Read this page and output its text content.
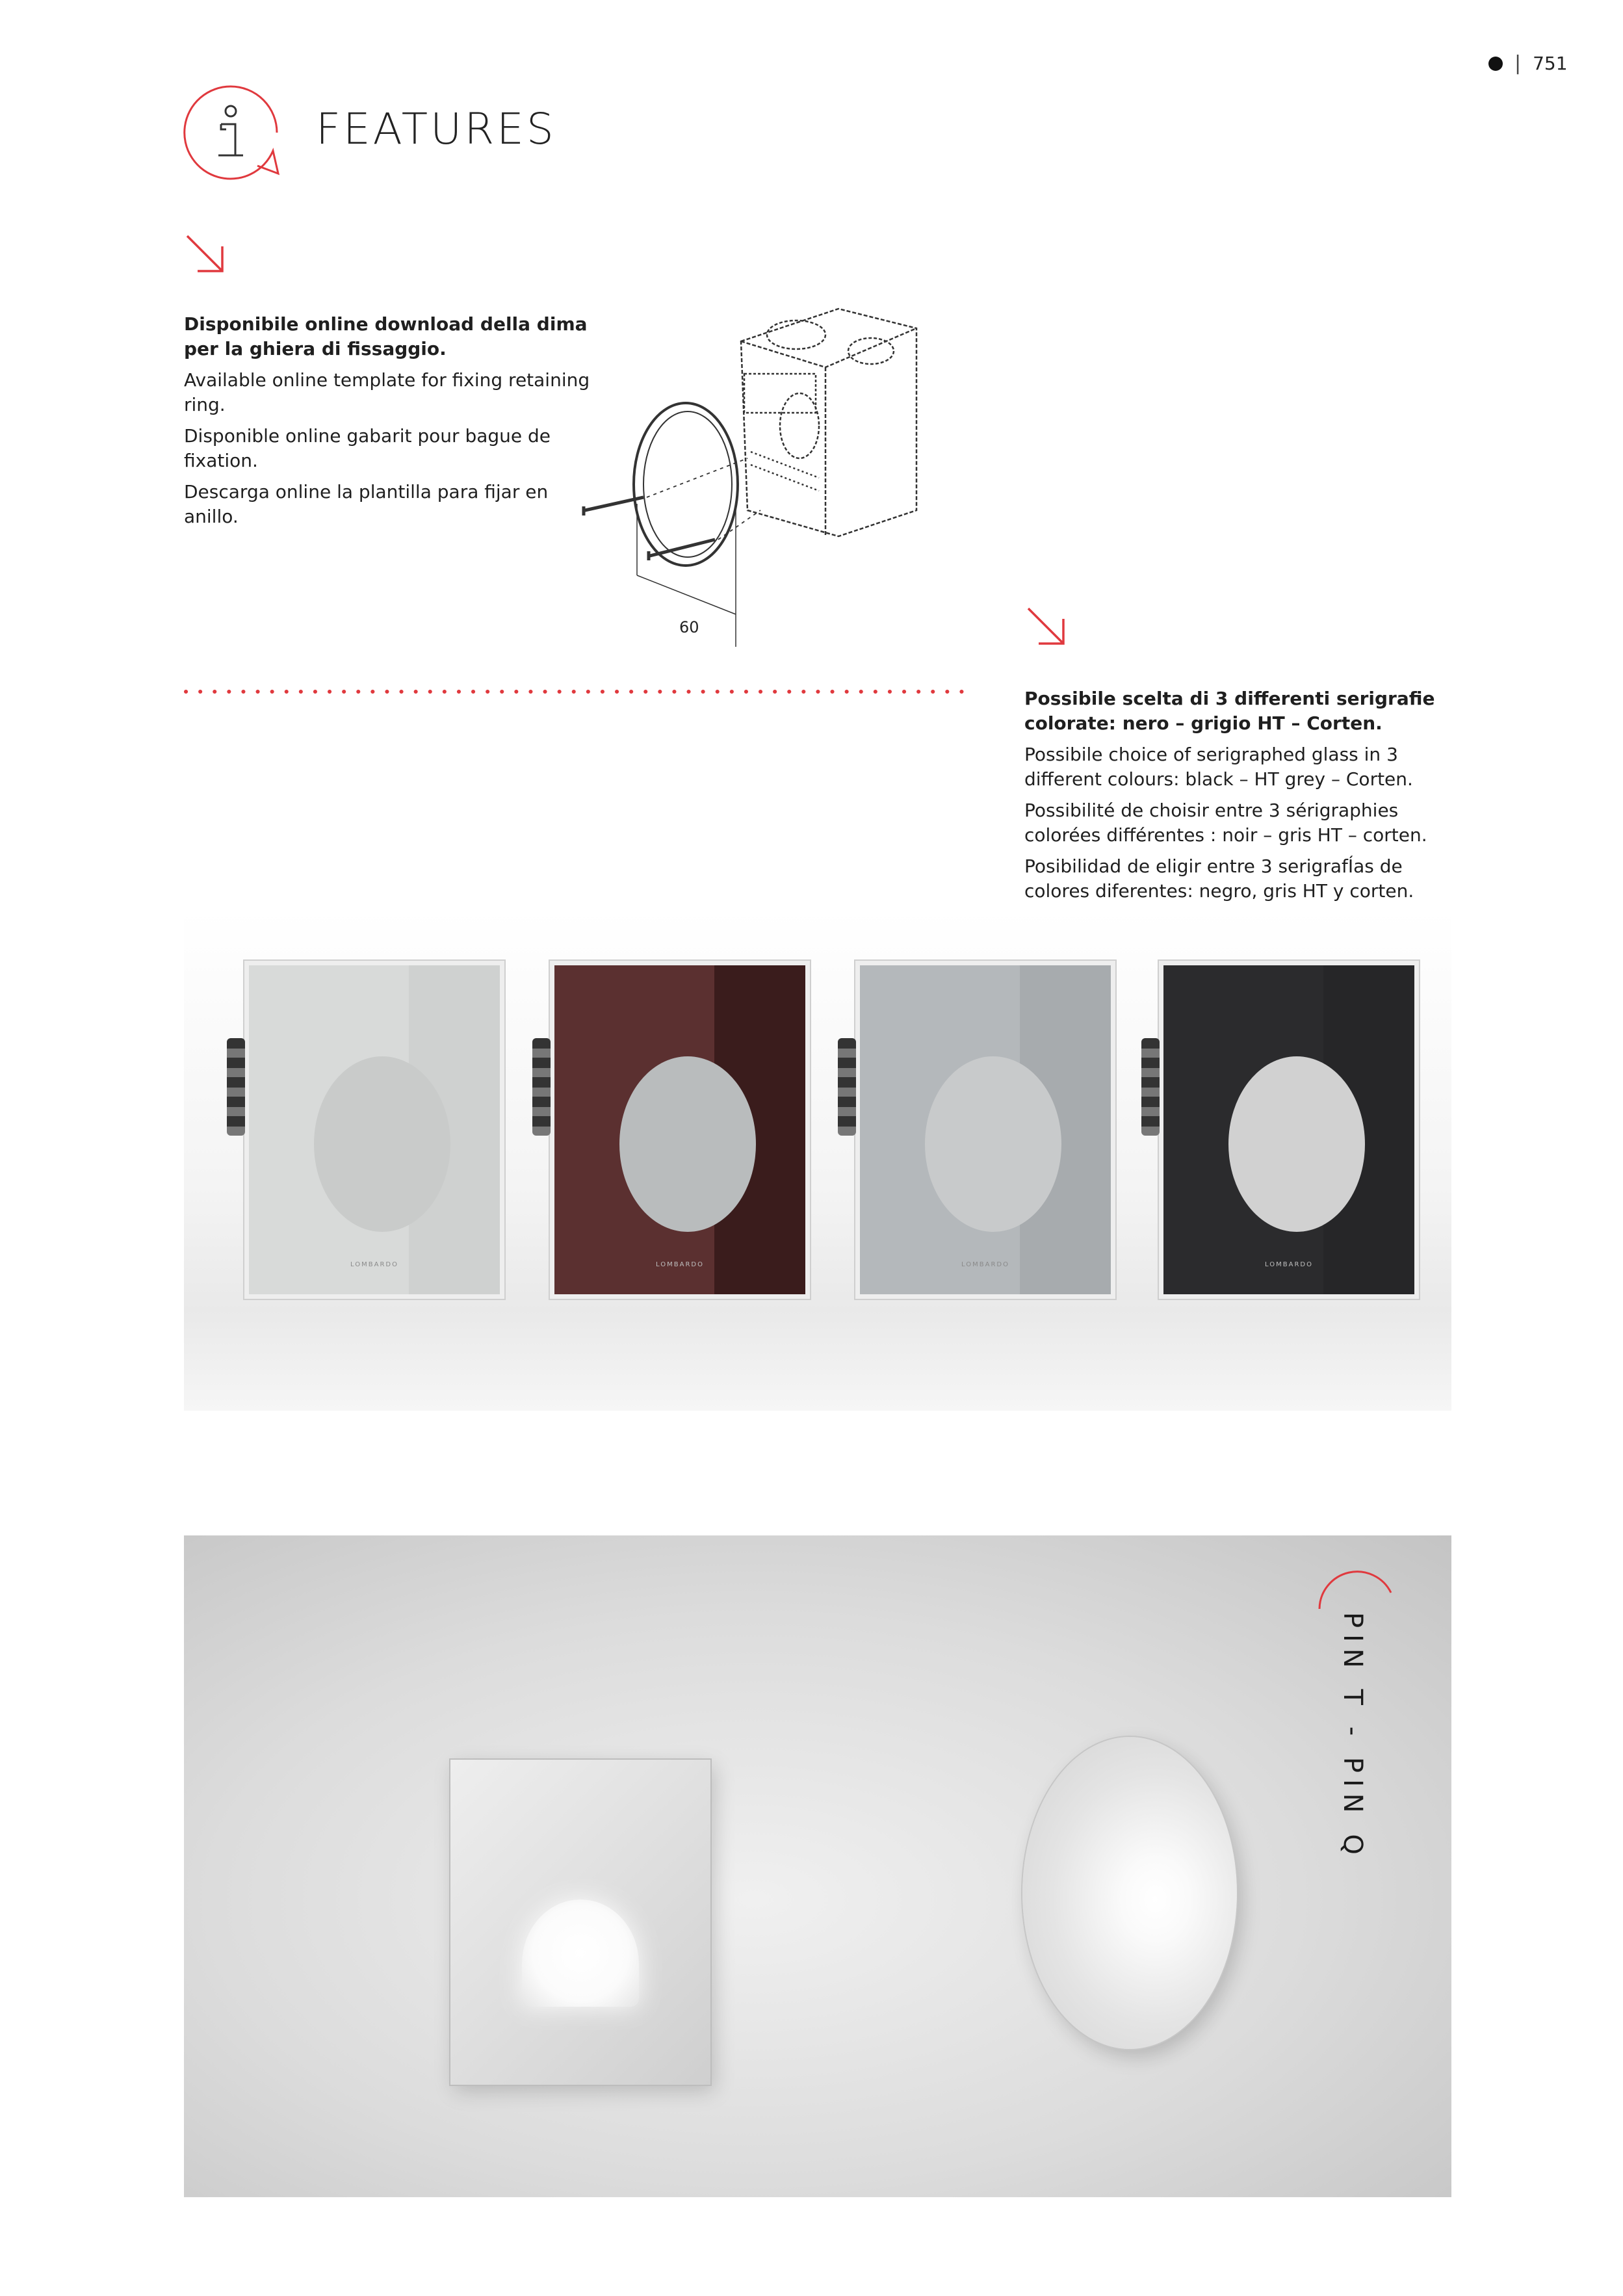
| 751
FEATURES

Disponibile online download della dima per la ghiera di fissaggio.

Available online template for fixing retaining ring.

Disponible online gabarit pour bague de fixation.

Descarga online la plantilla para fijar en anillo.

60

Possibile scelta di 3 differenti serigrafie colorate: nero – grigio HT – Corten.

Possibile choice of serigraphed glass in 3 different colours: black – HT grey – Corten.

Possibilité de choisir entre 3 sérigraphies colorées différentes : noir – gris HT – corten.

Posibilidad de eligir entre 3 serigrafÍas de colores diferentes: negro, gris HT y corten.

LOMBARDO	LOMBARDO	LOMBARDO	LOMBARDO
PIN T - PIN Q
